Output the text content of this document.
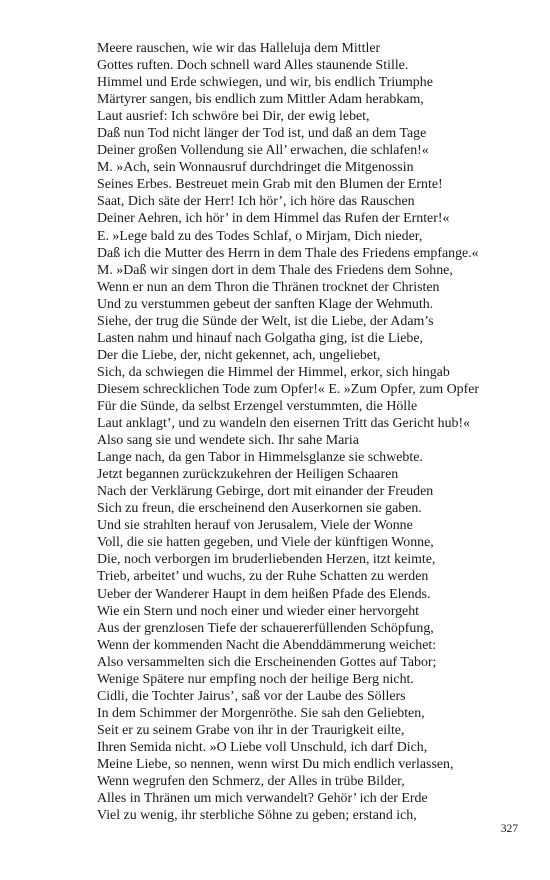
Meere rauschen, wie wir das Halleluja dem Mittler
Gottes ruften. Doch schnell ward Alles staunende Stille.
Himmel und Erde schwiegen, und wir, bis endlich Triumphe
Märtyrer sangen, bis endlich zum Mittler Adam herabkam,
Laut ausrief: Ich schwöre bei Dir, der ewig lebet,
Daß nun Tod nicht länger der Tod ist, und daß an dem Tage
Deiner großen Vollendung sie All’ erwachen, die schlafen!«
M. »Ach, sein Wonnausruf durchdringet die Mitgenossin
Seines Erbes. Bestreuet mein Grab mit den Blumen der Ernte!
Saat, Dich säte der Herr! Ich hör’, ich höre das Rauschen
Deiner Aehren, ich hör’ in dem Himmel das Rufen der Ernter!«
E. »Lege bald zu des Todes Schlaf, o Mirjam, Dich nieder,
Daß ich die Mutter des Herrn in dem Thale des Friedens empfange.«
M. »Daß wir singen dort in dem Thale des Friedens dem Sohne,
Wenn er nun an dem Thron die Thränen trocknet der Christen
Und zu verstummen gebeut der sanften Klage der Wehmuth.
Siehe, der trug die Sünde der Welt, ist die Liebe, der Adam’s
Lasten nahm und hinauf nach Golgatha ging, ist die Liebe,
Der die Liebe, der, nicht gekennet, ach, ungeliebet,
Sich, da schwiegen die Himmel der Himmel, erkor, sich hingab
Diesem schrecklichen Tode zum Opfer!« E. »Zum Opfer, zum Opfer
Für die Sünde, da selbst Erzengel verstummten, die Hölle
Laut anklagt’, und zu wandeln den eisernen Tritt das Gericht hub!«
Also sang sie und wendete sich. Ihr sahe Maria
Lange nach, da gen Tabor in Himmelsglanze sie schwebte.
Jetzt begannen zurückzukehren der Heiligen Schaaren
Nach der Verklärung Gebirge, dort mit einander der Freuden
Sich zu freun, die erscheinend den Auserkornen sie gaben.
Und sie strahlten herauf von Jerusalem, Viele der Wonne
Voll, die sie hatten gegeben, und Viele der künftigen Wonne,
Die, noch verborgen im bruderliebenden Herzen, itzt keimte,
Trieb, arbeitet’ und wuchs, zu der Ruhe Schatten zu werden
Ueber der Wanderer Haupt in dem heißen Pfade des Elends.
Wie ein Stern und noch einer und wieder einer hervorgeht
Aus der grenzlosen Tiefe der schauererfüllenden Schöpfung,
Wenn der kommenden Nacht die Abenddämmerung weichet:
Also versammelten sich die Erscheinenden Gottes auf Tabor;
Wenige Spätere nur empfing noch der heilige Berg nicht.
Cidli, die Tochter Jairus’, saß vor der Laube des Söllers
In dem Schimmer der Morgenröthe. Sie sah den Geliebten,
Seit er zu seinem Grabe von ihr in der Traurigkeit eilte,
Ihren Semida nicht. »O Liebe voll Unschuld, ich darf Dich,
Meine Liebe, so nennen, wenn wirst Du mich endlich verlassen,
Wenn wegrufen den Schmerz, der Alles in trübe Bilder,
Alles in Thränen um mich verwandelt? Gehör’ ich der Erde
Viel zu wenig, ihr sterbliche Söhne zu geben; erstand ich,
327
